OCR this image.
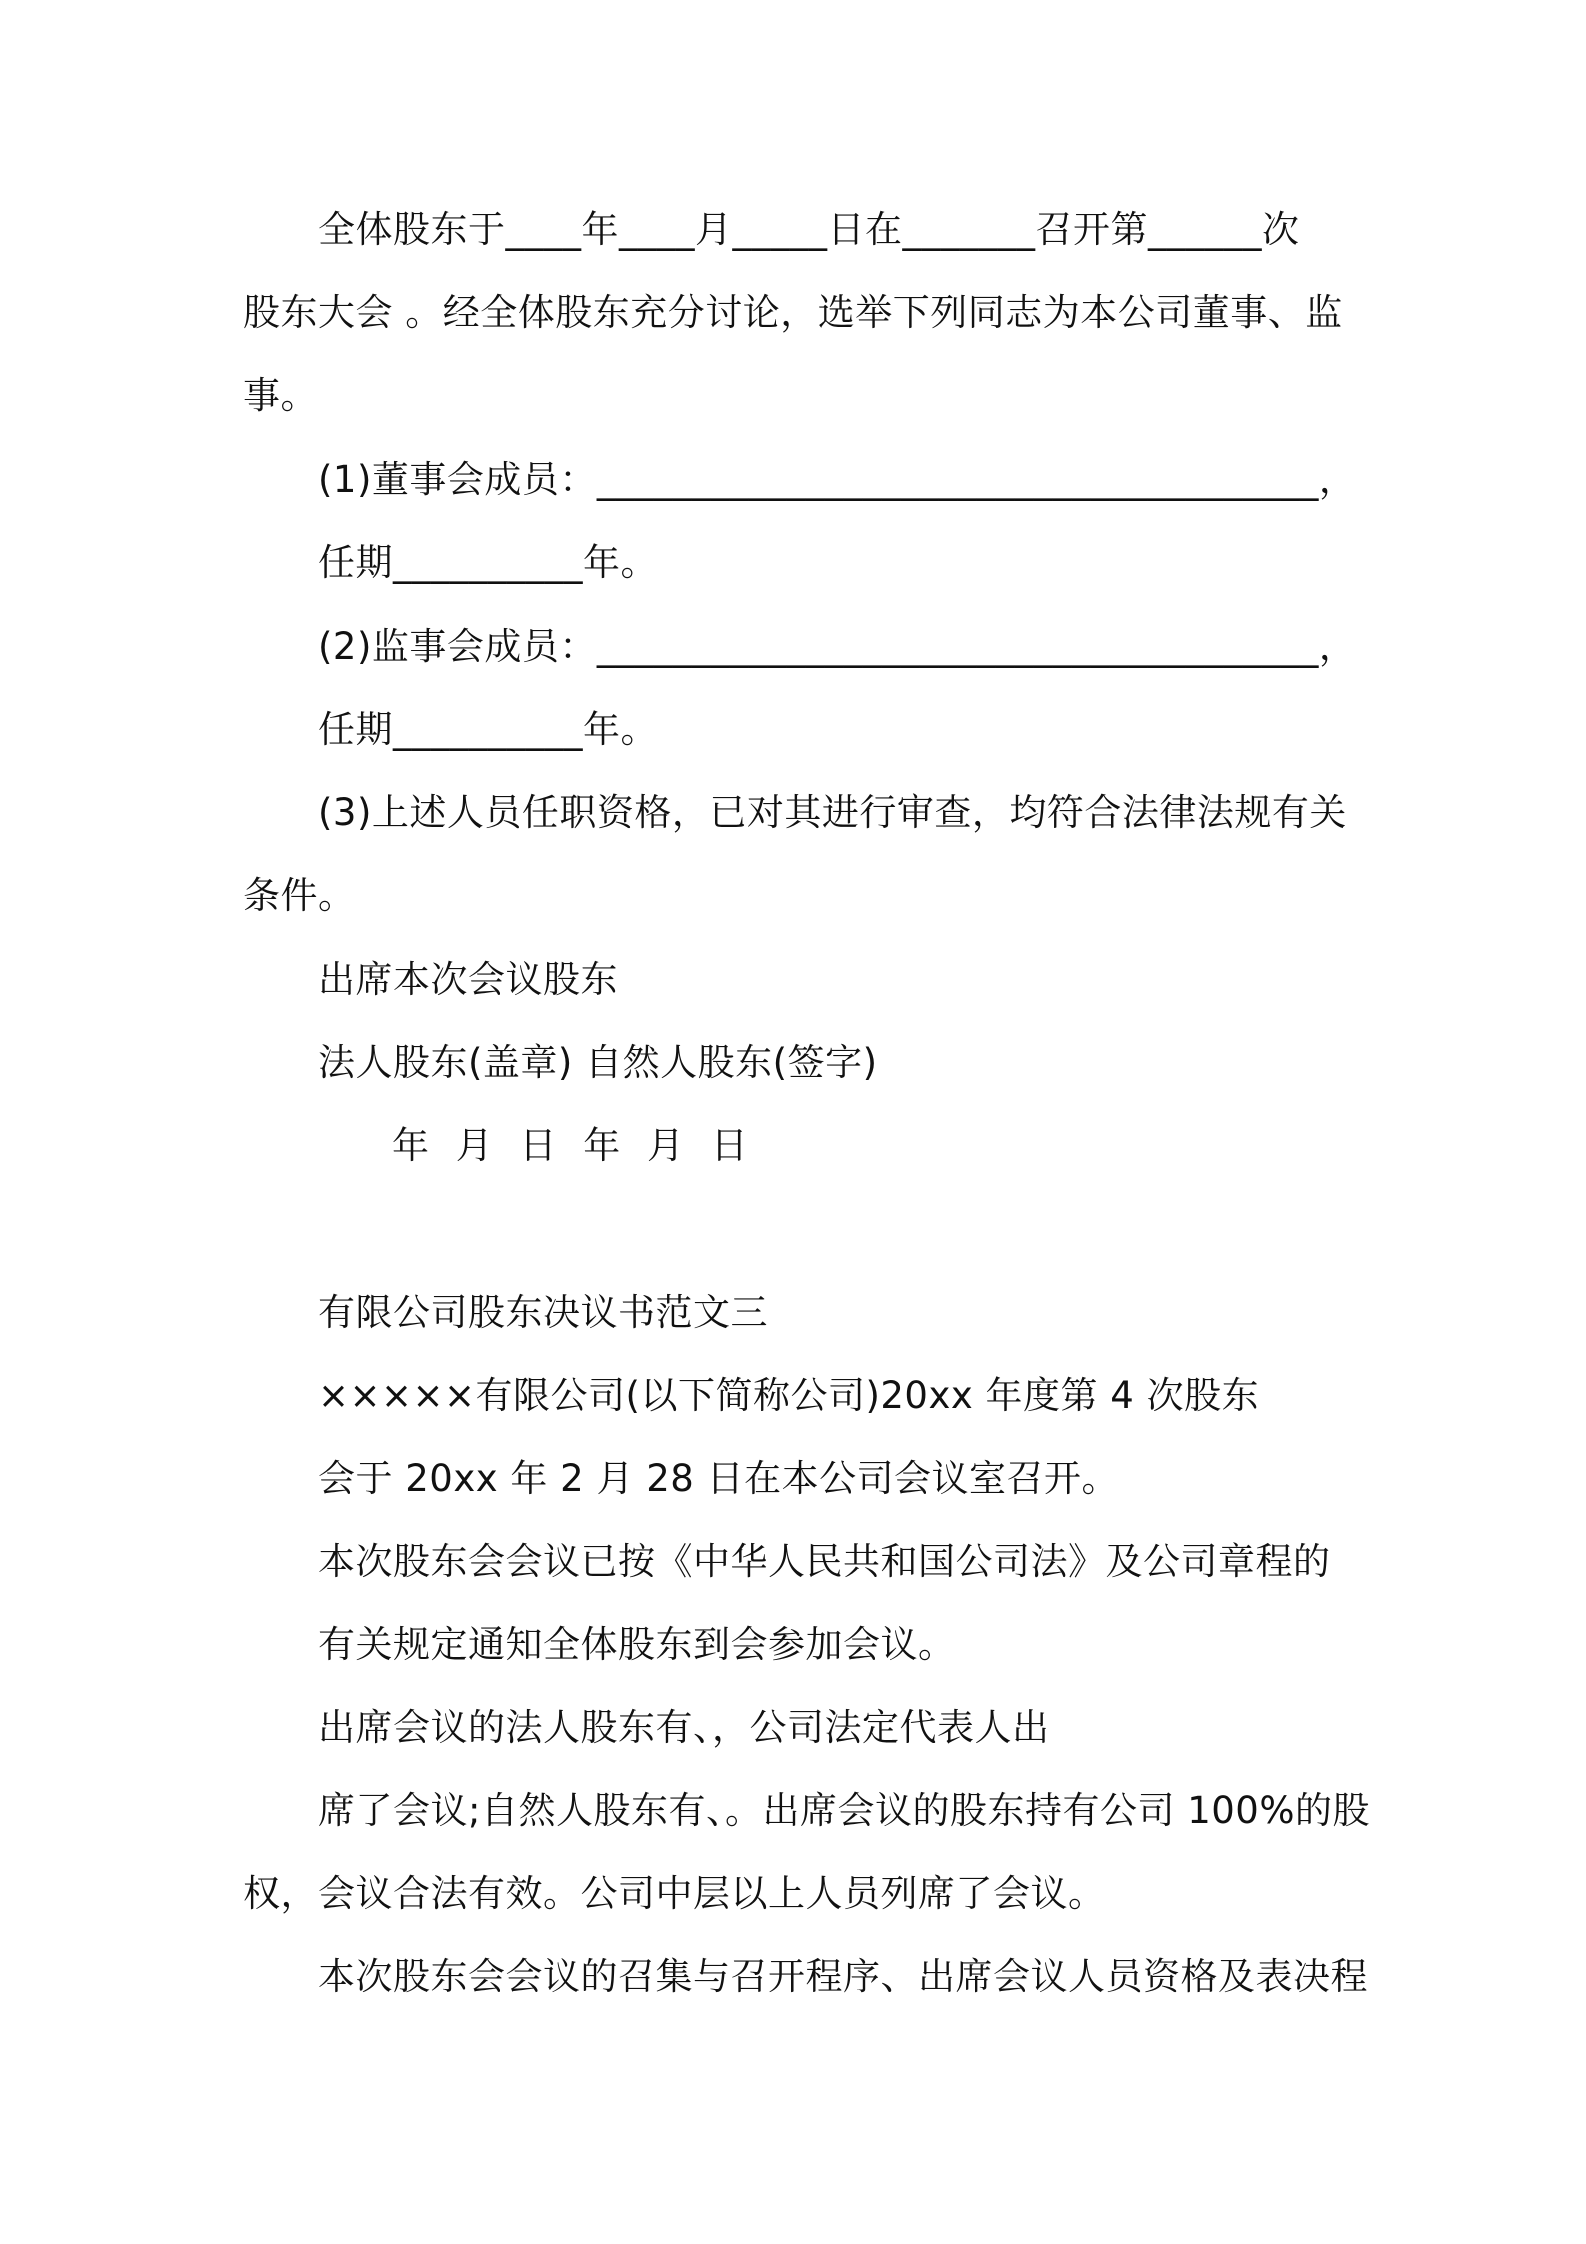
全体股东于____年____月_____日在_______召开第______次
股东大会 。经全体股东充分讨论，选举下列同志为本公司董事、监
事。
(1)董事会成员：______________________________________，
任期__________年。
(2)监事会成员：______________________________________，
任期__________年。
(3)上述人员任职资格，已对其进行审查，均符合法律法规有关
条件。
出席本次会议股东
法人股东(盖章) 自然人股东(签字)
年 月 日 年 月 日
有限公司股东决议书范文三
×××××有限公司(以下简称公司)20xx 年度第 4 次股东
会于 20xx 年 2 月 28 日在本公司会议室召开。
本次股东会会议已按《中华人民共和国公司法》及公司章程的
有关规定通知全体股东到会参加会议。
出席会议的法人股东有、，公司法定代表人出
席了会议;自然人股东有、。出席会议的股东持有公司 100%的股
权，会议合法有效。公司中层以上人员列席了会议。
本次股东会会议的召集与召开程序、出席会议人员资格及表决程
